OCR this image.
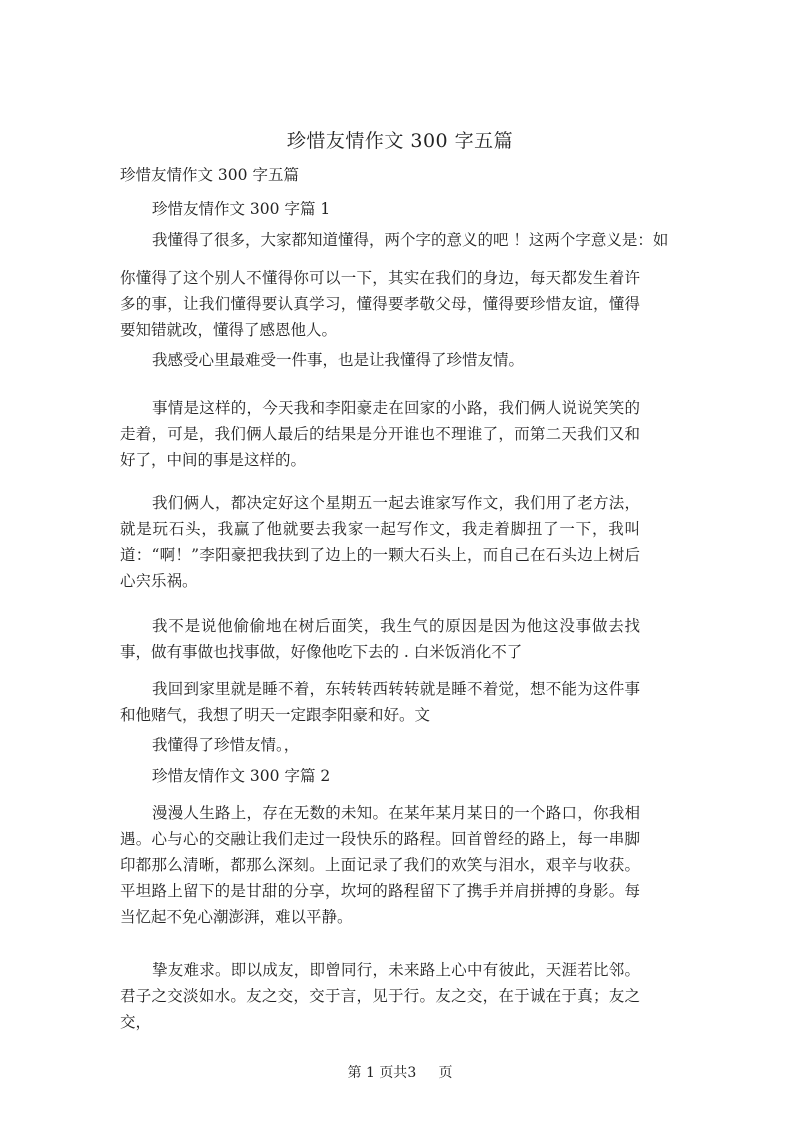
珍惜友情作文 300 字五篇
珍惜友情作文 300 字五篇
珍惜友情作文 300 字篇 1
我懂得了很多，大家都知道懂得，两个字的意义的吧 ！这两个字意义是：如
你懂得了这个别人不懂得你可以一下，其实在我们的身边，每天都发生着许多的事，让我们懂得要认真学习，懂得要孝敬父母，懂得要珍惜友谊，懂得要知错就改，懂得了感恩他人。
我感受心里最难受一件事，也是让我懂得了珍惜友情。
事情是这样的，今天我和李阳豪走在回家的小路，我们俩人说说笑笑的走着，可是，我们俩人最后的结果是分开谁也不理谁了，而第二天我们又和好了，中间的事是这样的。
我们俩人，都决定好这个星期五一起去谁家写作文，我们用了老方法，就是玩石头，我赢了他就要去我家一起写作文，我走着脚扭了一下，我叫道：“啊！”李阳豪把我扶到了边上的一颗大石头上，而自己在石头边上树后心宍乐祸。
我不是说他偷偷地在树后面笑，我生气的原因是因为他这没事做去找事，做有事做也找事做，好像他吃下去的 . 白米饭消化不了
我回到家里就是睡不着，东转转西转转就是睡不着觉，想不能为这件事和他赌气，我想了明天一定跟李阳豪和好。文
我懂得了珍惜友情。，
珍惜友情作文 300 字篇 2
漫漫人生路上，存在无数的未知。在某年某月某日的一个路口，你我相遇。心与心的交融让我们走过一段快乐的路程。回首曾经的路上，每一串脚印都那么清晰，都那么深刻。上面记录了我们的欢笑与泪水，艰辛与收获。平坦路上留下的是甘甜的分享，坎坷的路程留下了携手并肩拼搏的身影。每当忆起不免心潮澎湃，难以平静。
挚友难求。即以成友，即曾同行，未来路上心中有彼此，天涯若比邻。君子之交淡如水。友之交，交于言，见于行。友之交，在于诚在于真；友之交，
第 1 页共3 页
